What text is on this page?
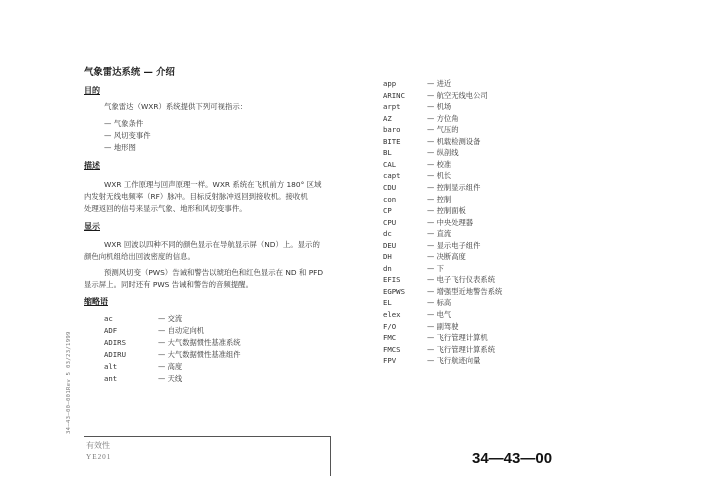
气象雷达系统 — 介绍
目的
气象雷达（WXR）系统提供下列可视指示：
— 气象条件
— 风切变事件
— 地形图
描述
WXR 工作原理与回声原理一样。WXR 系统在飞机前方 180° 区域
内发射无线电频率（RF）脉冲。目标反射脉冲返回到接收机。接收机
处理返回的信号来显示气象、地形和风切变事件。
显示
WXR 回波以四种不同的颜色显示在导航显示屏（ND）上。显示的
颜色向机组给出回波密度的信息。
预测风切变（PWS）告诫和警告以琥珀色和红色显示在 ND 和 PFD
显示屏上。同时还有 PWS 告诫和警告的音频提醒。
缩略语
ac	— 交流
ADF	— 自动定向机
ADIRS	— 大气数据惯性基准系统
ADIRU	— 大气数据惯性基准组件
alt	— 高度
ant	— 天线
app	— 进近
ARINC	— 航空无线电公司
arpt	— 机场
AZ	— 方位角
baro	— 气压的
BITE	— 机载检测设备
BL	— 纵剖线
CAL	— 校准
capt	— 机长
CDU	— 控制显示组件
con	— 控制
CP	— 控制面板
CPU	— 中央处理器
dc	— 直流
DEU	— 显示电子组件
DH	— 决断高度
dn	— 下
EFIS	— 电子飞行仪表系统
EGPWS	— 增强型近地警告系统
EL	— 标高
elex	— 电气
F/O	— 副驾驶
FMC	— 飞行管理计算机
FMCS	— 飞行管理计算系统
FPV	— 飞行航迹向量
34—43—00—001Rev 5 03/23/1999
有效性
YE201	34—43—00
